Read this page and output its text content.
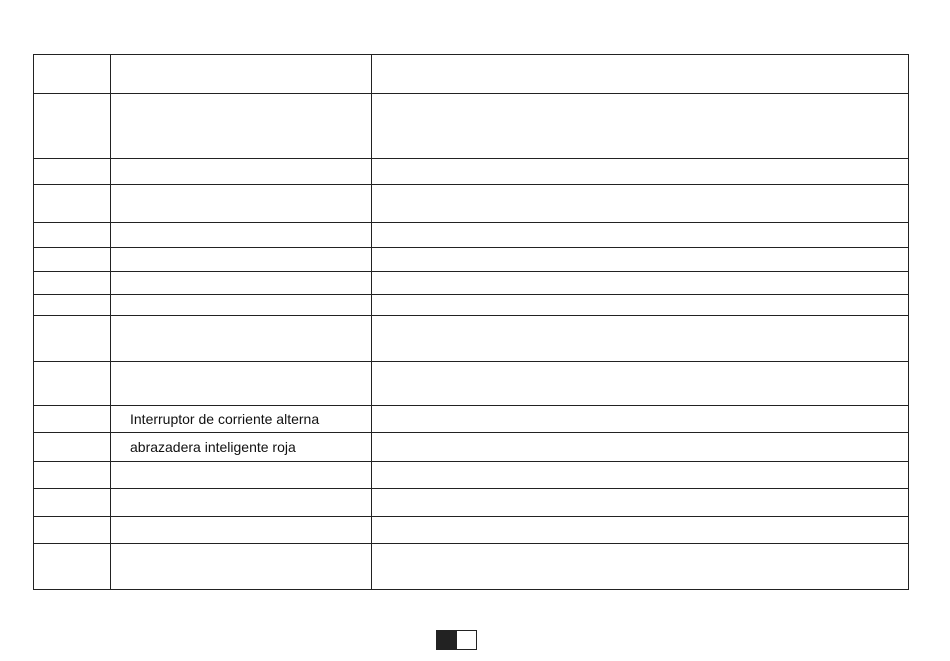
	Interruptor de corriente alterna	
	abrazadera inteligente roja	
